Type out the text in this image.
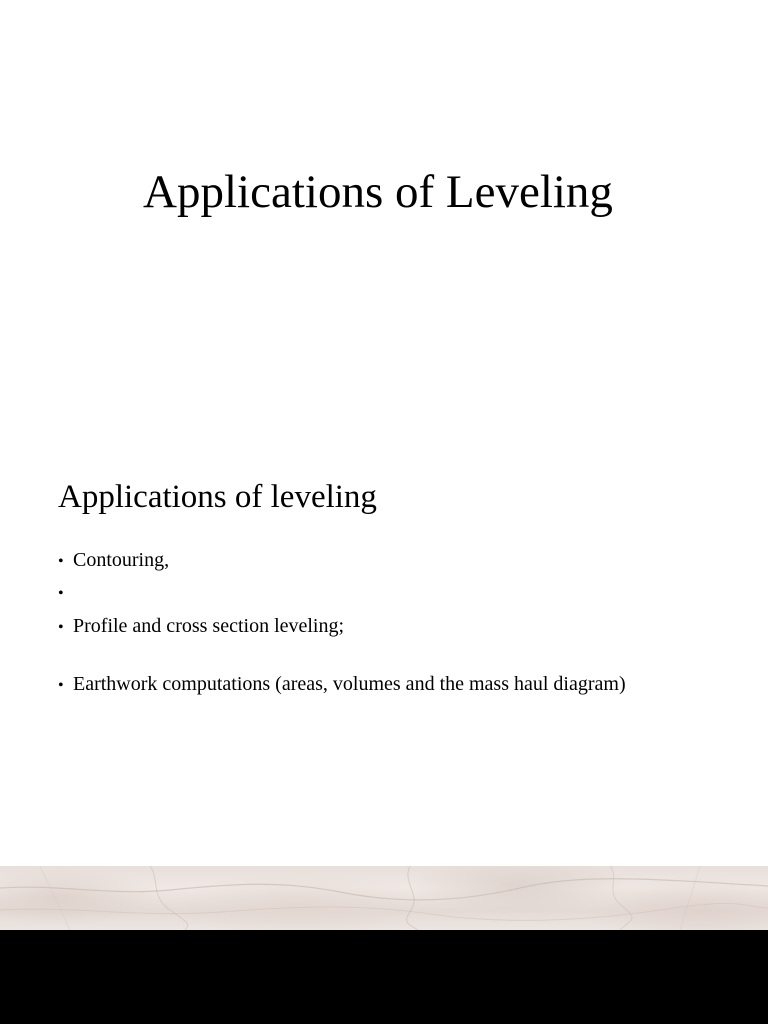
Applications of Leveling
Applications of leveling
• Contouring,
•
• Profile and cross section leveling;
• Earthwork computations (areas, volumes and the mass haul diagram)
